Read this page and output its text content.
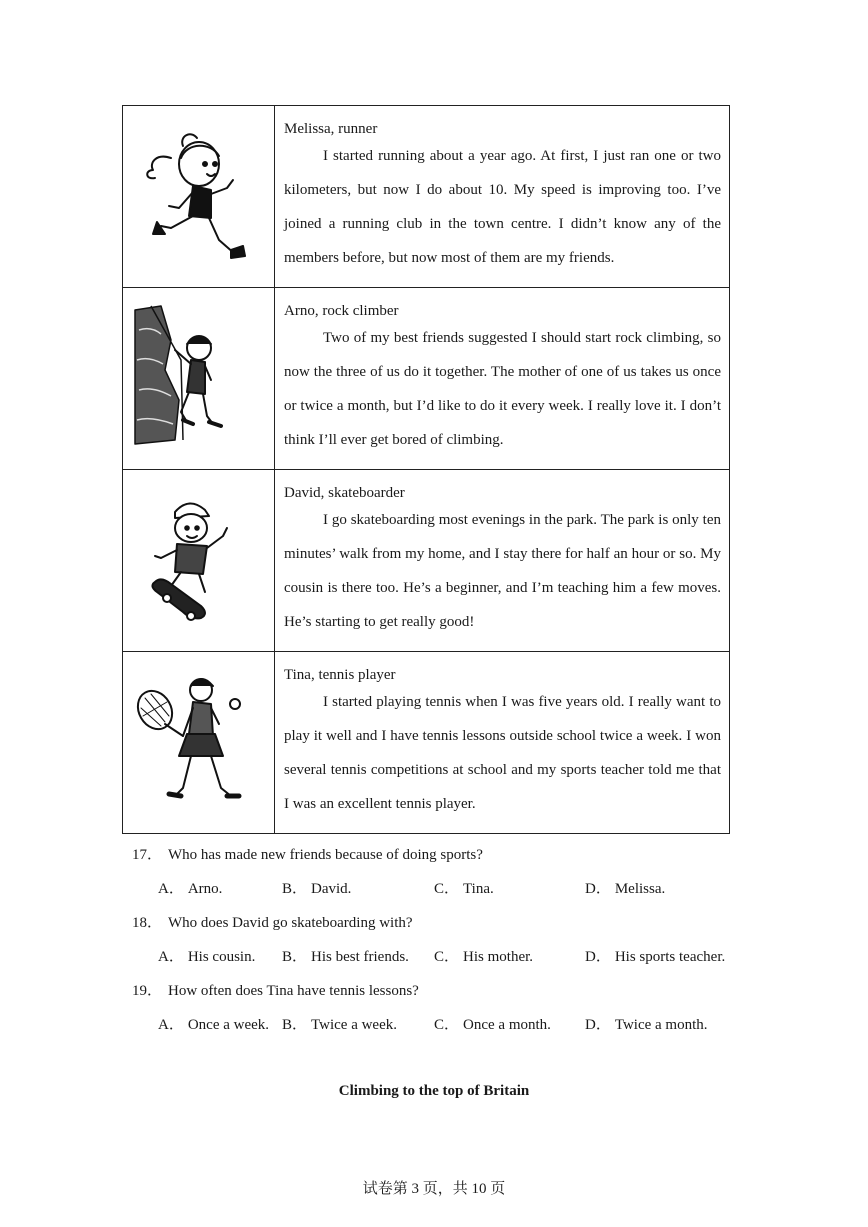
Melissa, runner
I started running about a year ago. At first, I just ran one or two kilometers, but now I do about 10. My speed is improving too. I’ve joined a running club in the town centre. I didn’t know any of the members before, but now most of them are my friends.

Arno, rock climber
Two of my best friends suggested I should start rock climbing, so now the three of us do it together. The mother of one of us takes us once or twice a month, but I’d like to do it every week. I really love it. I don’t think I’ll ever get bored of climbing.

David, skateboarder
I go skateboarding most evenings in the park. The park is only ten minutes’ walk from my home, and I stay there for half an hour or so. My cousin is there too. He’s a beginner, and I’m teaching him a few moves. He’s starting to get really good!

Tina, tennis player
I started playing tennis when I was five years old. I really want to play it well and I have tennis lessons outside school twice a week. I won several tennis competitions at school and my sports teacher told me that I was an excellent tennis player.
17． Who has made new friends because of doing sports?
A． Arno.	B． David.	C． Tina.	D． Melissa.
18． Who does David go skateboarding with?
A． His cousin. B． His best friends. C． His mother.	D． His sports teacher.
19． How often does Tina have tennis lessons?
A． Once a week. B． Twice a week. C． Once a month. D． Twice a month.
Climbing to the top of Britain
试卷第 3 页，共 10 页
